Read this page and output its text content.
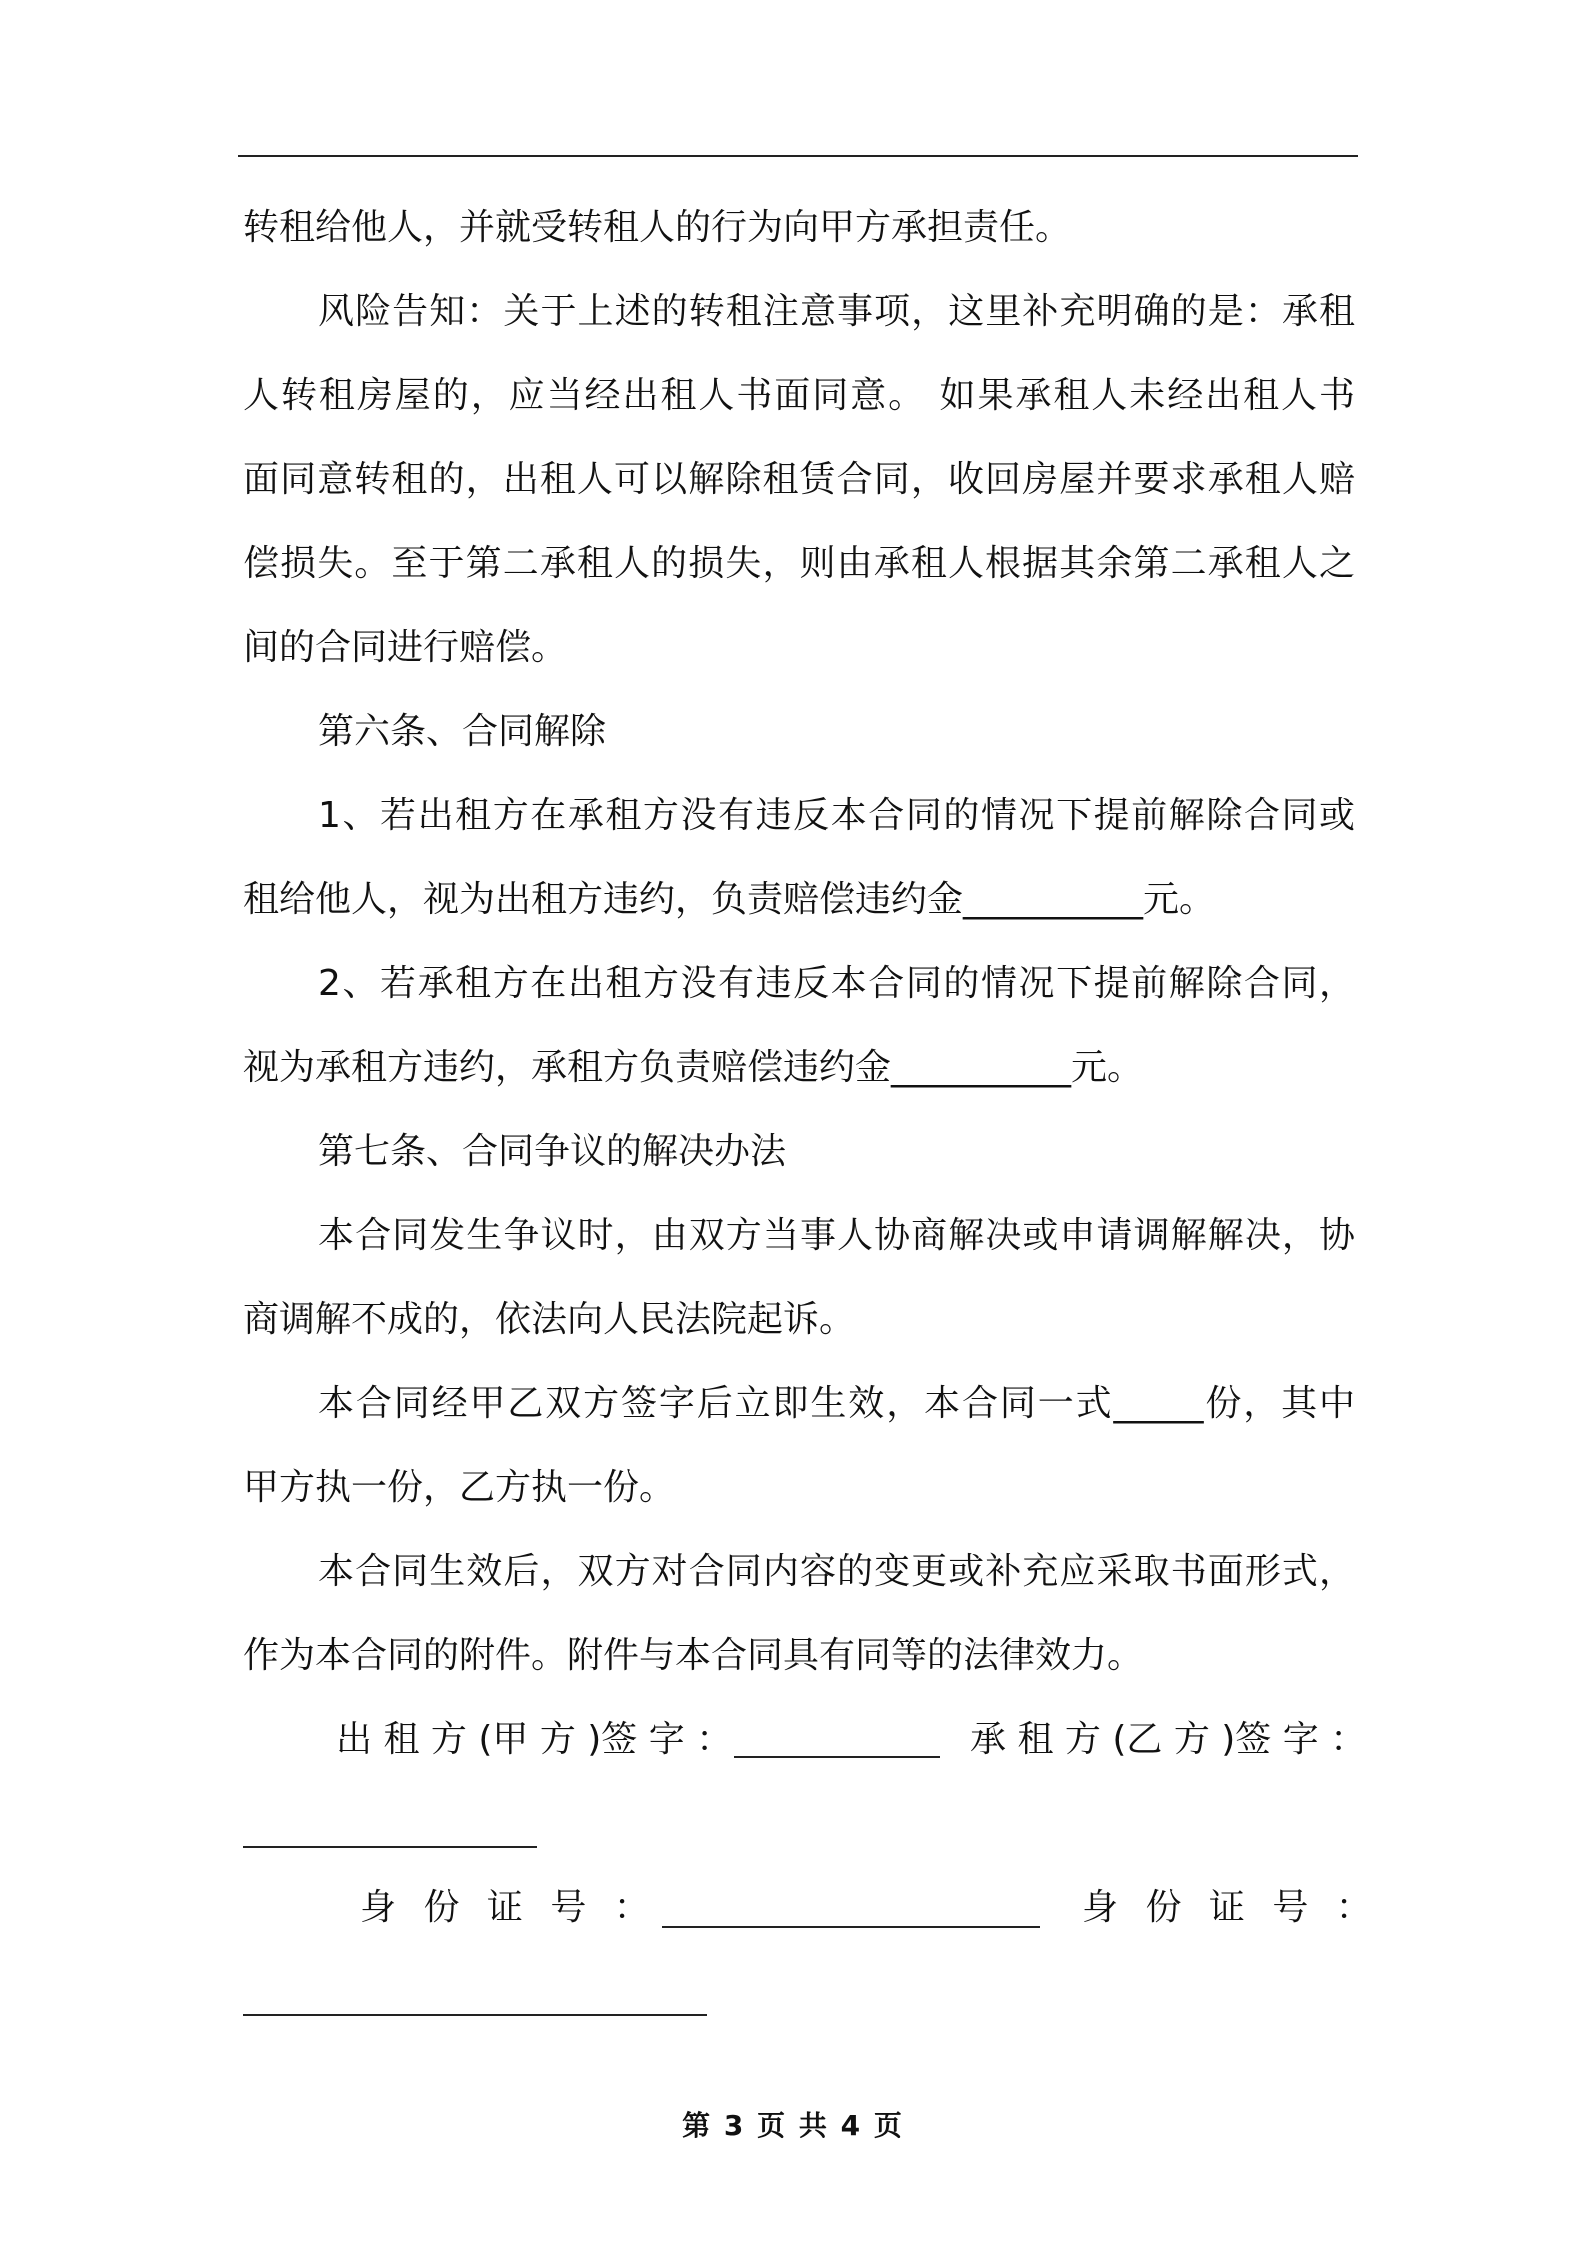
转租给他人，并就受转租人的行为向甲方承担责任。
风险告知：关于上述的转租注意事项，这里补充明确的是：承租
人转租房屋的，应当经出租人书面同意。 如果承租人未经出租人书
面同意转租的，出租人可以解除租赁合同，收回房屋并要求承租人赔
偿损失。至于第二承租人的损失，则由承租人根据其余第二承租人之
间的合同进行赔偿。
第六条、合同解除
1、若出租方在承租方没有违反本合同的情况下提前解除合同或
租给他人，视为出租方违约，负责赔偿违约金__________元。
2、若承租方在出租方没有违反本合同的情况下提前解除合同，
视为承租方违约，承租方负责赔偿违约金__________元。
第七条、合同争议的解决办法
本合同发生争议时，由双方当事人协商解决或申请调解解决，协
商调解不成的，依法向人民法院起诉。
本合同经甲乙双方签字后立即生效，本合同一式_____份，其中
甲方执一份，乙方执一份。
本合同生效后，双方对合同内容的变更或补充应采取书面形式，
作为本合同的附件。附件与本合同具有同等的法律效力。
出 租 方 (甲 方 )签 字 ：	承 租 方 (乙 方 )签 字 ：
身 份 证 号 ：	身 份 证 号 ：
第 3 页 共 4 页
